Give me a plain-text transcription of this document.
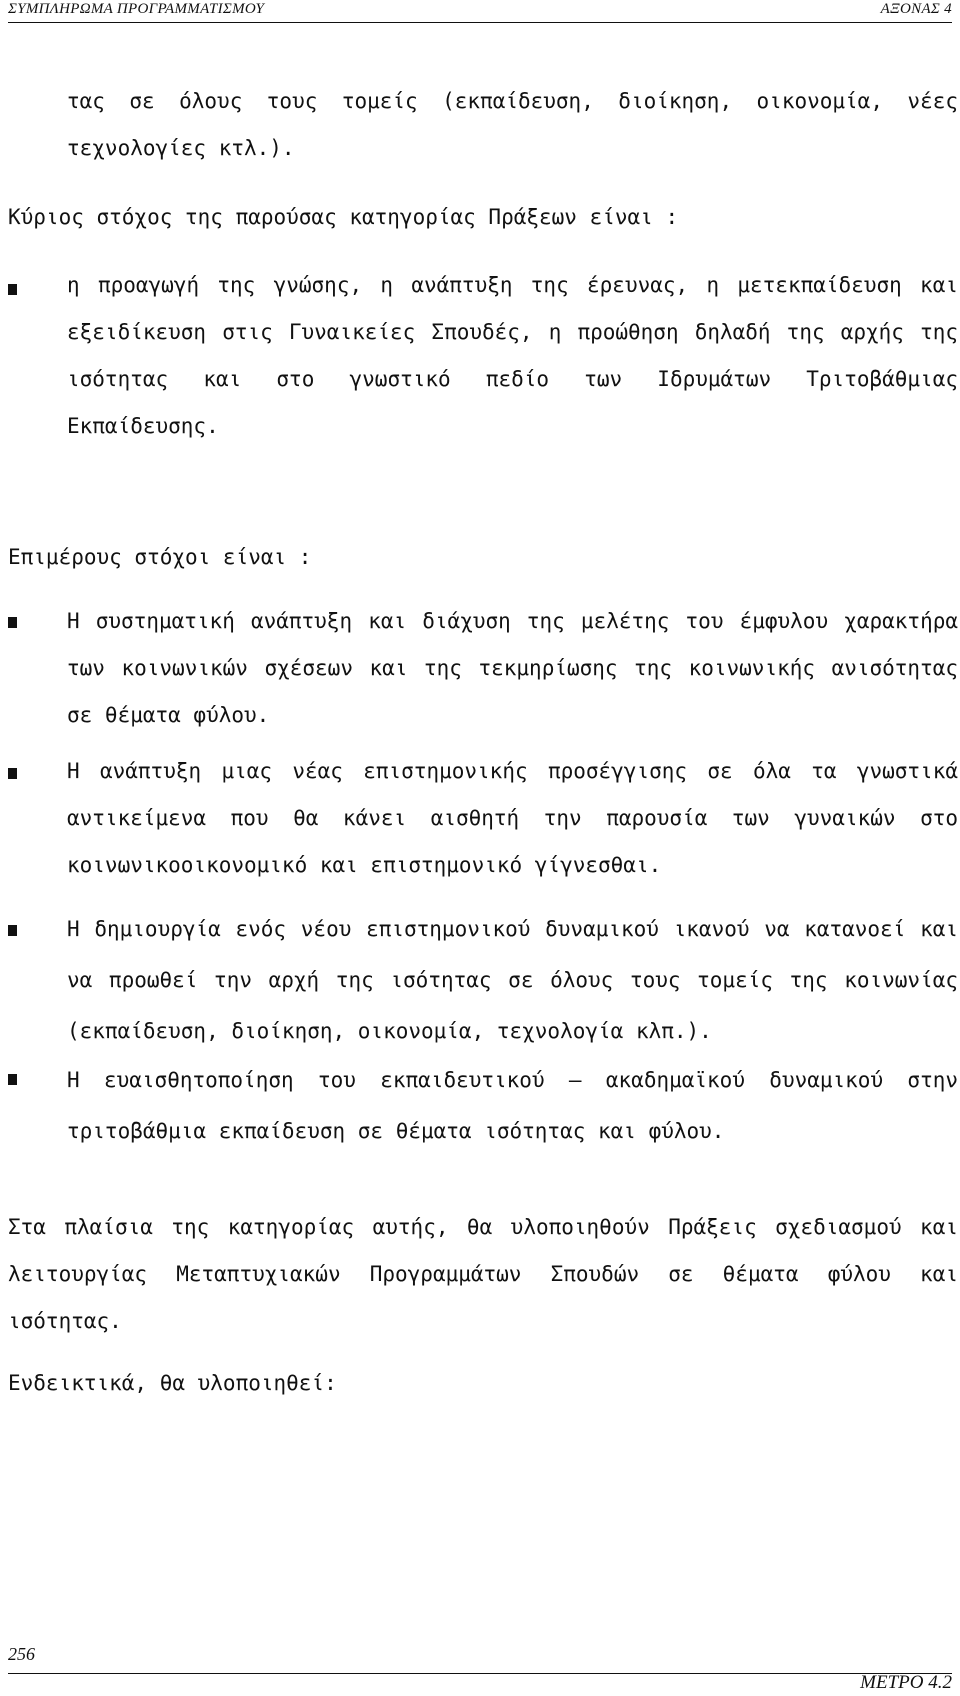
ΣΥΜΠΛΗΡΩΜΑ ΠΡΟΓΡΑΜΜΑΤΙΣΜΟΥ	ΑΞΟΝΑΣ 4

τας σε όλους τους τομείς (εκπαίδευση, διοίκηση, οικονομία, νέες τεχνολογίες κτλ.).

Κύριος στόχος της παρούσας κατηγορίας Πράξεων είναι :

η προαγωγή της γνώσης, η ανάπτυξη της έρευνας, η μετεκπαίδευση και εξειδίκευση στις Γυναικείες Σπουδές, η προώθηση δηλαδή της αρχής της ισότητας και στο γνωστικό πεδίο των Ιδρυμάτων Τριτοβάθμιας Εκπαίδευσης.

Επιμέρους στόχοι είναι :

Η συστηματική ανάπτυξη και διάχυση της μελέτης του έμφυλου χαρακτήρα των κοινωνικών σχέσεων και της τεκμηρίωσης της κοινωνικής ανισότητας σε θέματα φύλου.

Η ανάπτυξη μιας νέας επιστημονικής προσέγγισης σε όλα τα γνωστικά αντικείμενα που θα κάνει αισθητή την παρουσία των γυναικών στο κοινωνικοοικονομικό και επιστημονικό γίγνεσθαι.

Η δημιουργία ενός νέου επιστημονικού δυναμικού ικανού να κατανοεί και να προωθεί την αρχή της ισότητας σε όλους τους τομείς της κοινωνίας (εκπαίδευση, διοίκηση, οικονομία, τεχνολογία κλπ.).

Η ευαισθητοποίηση του εκπαιδευτικού – ακαδημαϊκού δυναμικού στην τριτοβάθμια εκπαίδευση σε θέματα ισότητας και φύλου.

Στα πλαίσια της κατηγορίας αυτής, θα υλοποιηθούν Πράξεις σχεδιασμού και λειτουργίας Μεταπτυχιακών Προγραμμάτων Σπουδών σε θέματα φύλου και ισότητας.

Ενδεικτικά, θα υλοποιηθεί:

256
ΜΕΤΡΟ 4.2
